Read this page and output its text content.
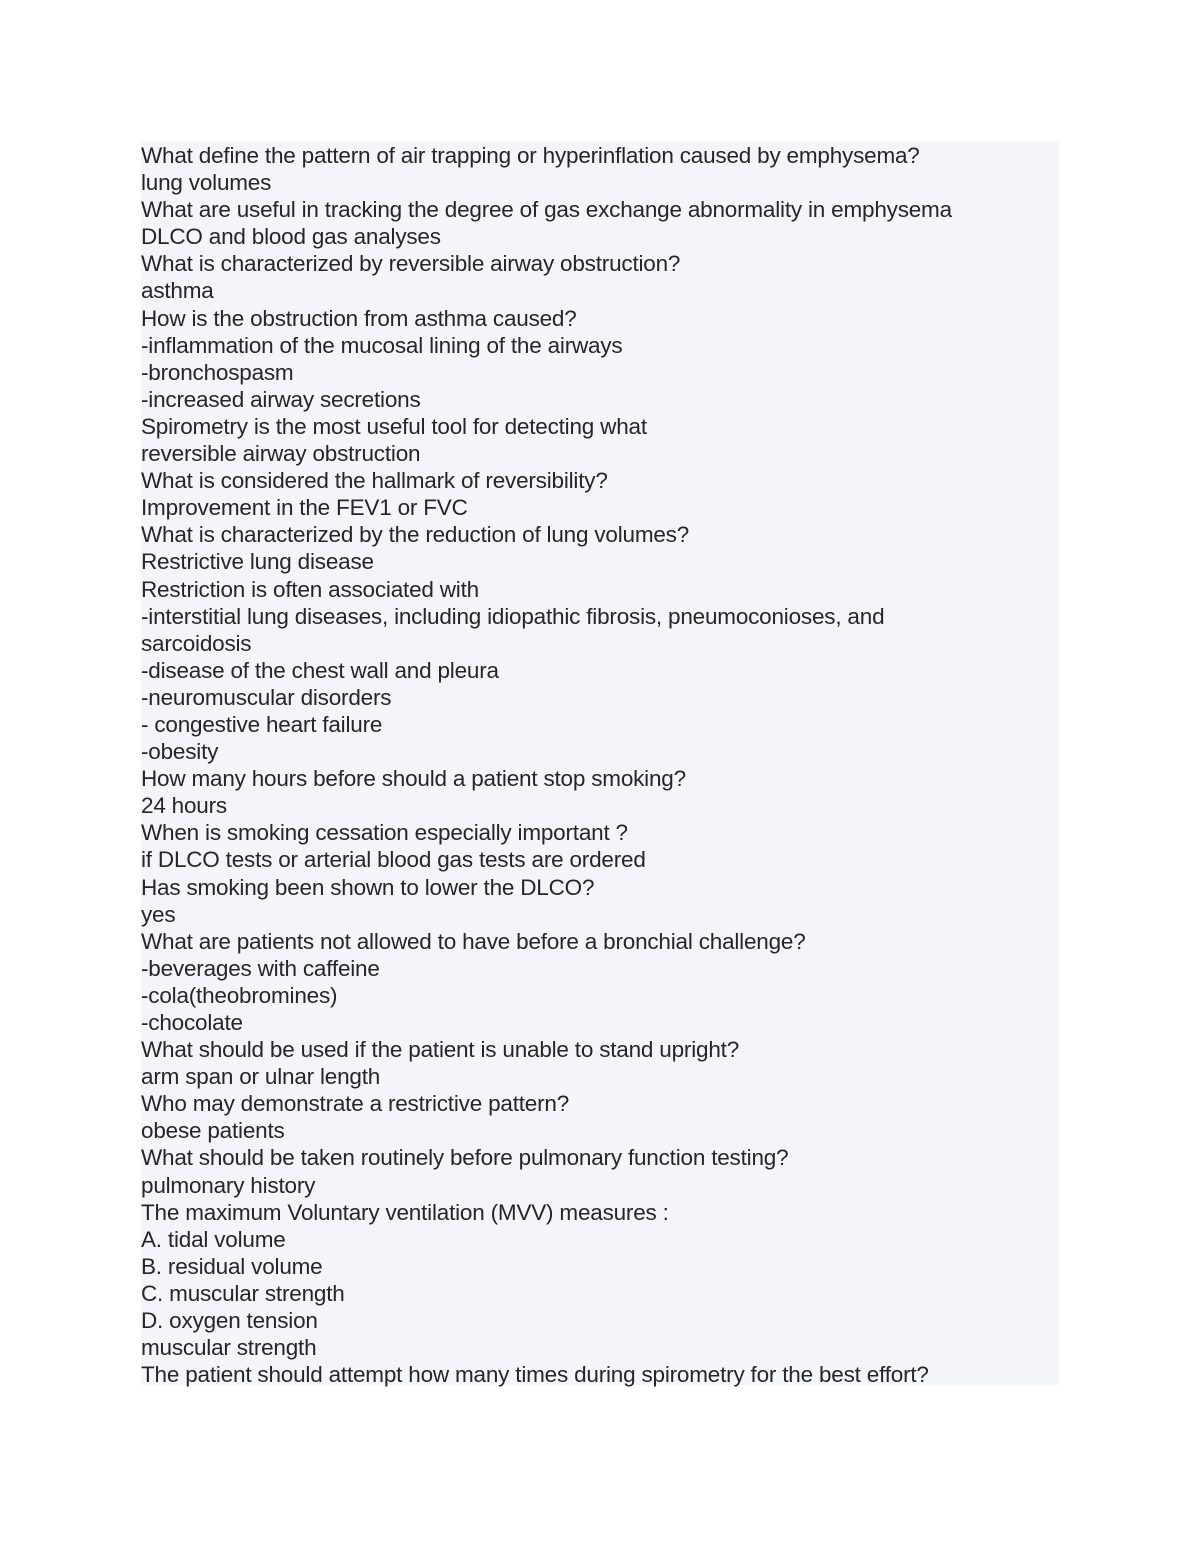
What define the pattern of air trapping or hyperinflation caused by emphysema?
lung volumes
What are useful in tracking the degree of gas exchange abnormality in emphysema
DLCO and blood gas analyses
What is characterized by reversible airway obstruction?
asthma
How is the obstruction from asthma caused?
-inflammation of the mucosal lining of the airways
-bronchospasm
-increased airway secretions
Spirometry is the most useful tool for detecting what
reversible airway obstruction
What is considered the hallmark of reversibility?
Improvement in the FEV1 or FVC
What is characterized by the reduction of lung volumes?
Restrictive lung disease
Restriction is often associated with
-interstitial lung diseases, including idiopathic fibrosis, pneumoconioses, and
sarcoidosis
-disease of the chest wall and pleura
-neuromuscular disorders
- congestive heart failure
-obesity
How many hours before should a patient stop smoking?
24 hours
When is smoking cessation especially important ?
if DLCO tests or arterial blood gas tests are ordered
Has smoking been shown to lower the DLCO?
yes
What are patients not allowed to have before a bronchial challenge?
-beverages with caffeine
-cola(theobromines)
-chocolate
What should be used if the patient is unable to stand upright?
arm span or ulnar length
Who may demonstrate a restrictive pattern?
obese patients
What should be taken routinely before pulmonary function testing?
pulmonary history
The maximum Voluntary ventilation (MVV) measures :
A. tidal volume
B. residual volume
C. muscular strength
D. oxygen tension
muscular strength
The patient should attempt how many times during spirometry for the best effort?
